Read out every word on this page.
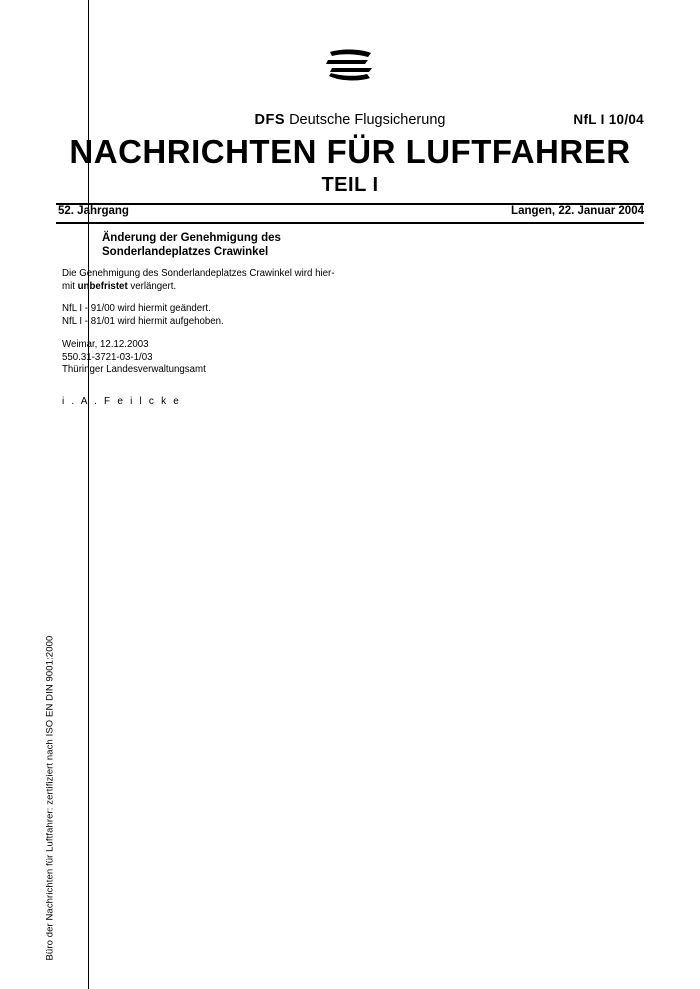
Büro der Nachrichten für Luftfahrer: zertifiziert nach ISO EN DIN 9001:2000
DFS Deutsche Flugsicherung	NfL I 10/04
NACHRICHTEN FÜR LUFTFAHRER
TEIL I
52. Jahrgang	Langen, 22. Januar 2004
Änderung der Genehmigung des
Sonderlandeplatzes Crawinkel
Die Genehmigung des Sonderlandeplatzes Crawinkel wird hier-
mit unbefristet verlängert.
NfL I - 91/00 wird hiermit geändert.
NfL I - 81/01 wird hiermit aufgehoben.
Weimar, 12.12.2003
550.31-3721-03-1/03
Thüringer Landesverwaltungsamt
i . A . F e i l c k e
